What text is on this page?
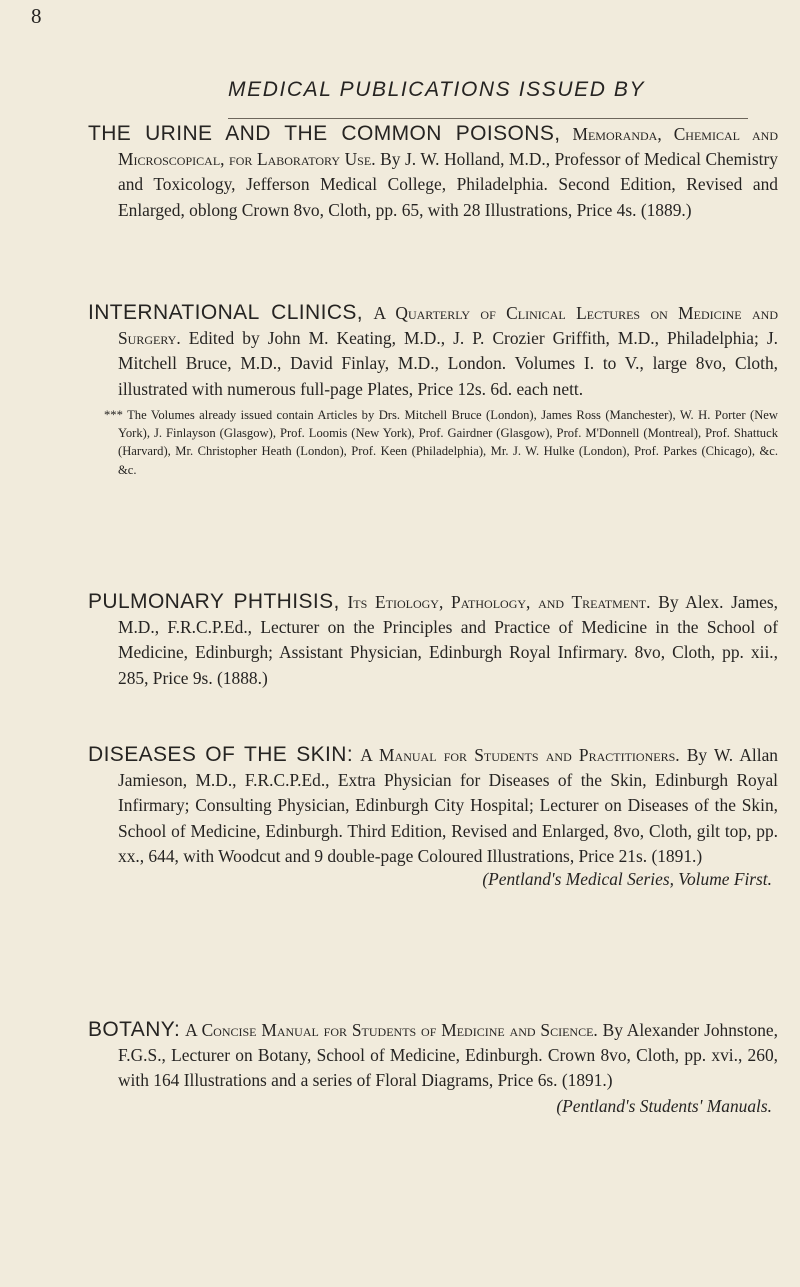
8
MEDICAL PUBLICATIONS ISSUED BY

THE URINE AND THE COMMON POISONS, Memoranda, Chemical and Microscopical, for Laboratory Use. By J. W. Holland, M.D., Professor of Medical Chemistry and Toxicology, Jefferson Medical College, Philadelphia. Second Edition, Revised and Enlarged, oblong Crown 8vo, Cloth, pp. 65, with 28 Illustrations, Price 4s. (1889.)

INTERNATIONAL CLINICS, A Quarterly of Clinical Lectures on Medicine and Surgery. Edited by John M. Keating, M.D., J. P. Crozier Griffith, M.D., Philadelphia; J. Mitchell Bruce, M.D., David Finlay, M.D., London. Volumes I. to V., large 8vo, Cloth, illustrated with numerous full-page Plates, Price 12s. 6d. each nett.

*** The Volumes already issued contain Articles by Drs. Mitchell Bruce (London), James Ross (Manchester), W. H. Porter (New York), J. Finlayson (Glasgow), Prof. Loomis (New York), Prof. Gairdner (Glasgow), Prof. M'Donnell (Montreal), Prof. Shattuck (Harvard), Mr. Christopher Heath (London), Prof. Keen (Philadelphia), Mr. J. W. Hulke (London), Prof. Parkes (Chicago), &c. &c.

PULMONARY PHTHISIS, Its Etiology, Pathology, and Treatment. By Alex. James, M.D., F.R.C.P.Ed., Lecturer on the Principles and Practice of Medicine in the School of Medicine, Edinburgh; Assistant Physician, Edinburgh Royal Infirmary. 8vo, Cloth, pp. xii., 285, Price 9s. (1888.)

DISEASES OF THE SKIN: A Manual for Students and Practitioners. By W. Allan Jamieson, M.D., F.R.C.P.Ed., Extra Physician for Diseases of the Skin, Edinburgh Royal Infirmary; Consulting Physician, Edinburgh City Hospital; Lecturer on Diseases of the Skin, School of Medicine, Edinburgh. Third Edition, Revised and Enlarged, 8vo, Cloth, gilt top, pp. xx., 644, with Woodcut and 9 double-page Coloured Illustrations, Price 21s. (1891.)

(Pentland's Medical Series, Volume First.

BOTANY: A Concise Manual for Students of Medicine and Science. By Alexander Johnstone, F.G.S., Lecturer on Botany, School of Medicine, Edinburgh. Crown 8vo, Cloth, pp. xvi., 260, with 164 Illustrations and a series of Floral Diagrams, Price 6s. (1891.)

(Pentland's Students' Manuals.
